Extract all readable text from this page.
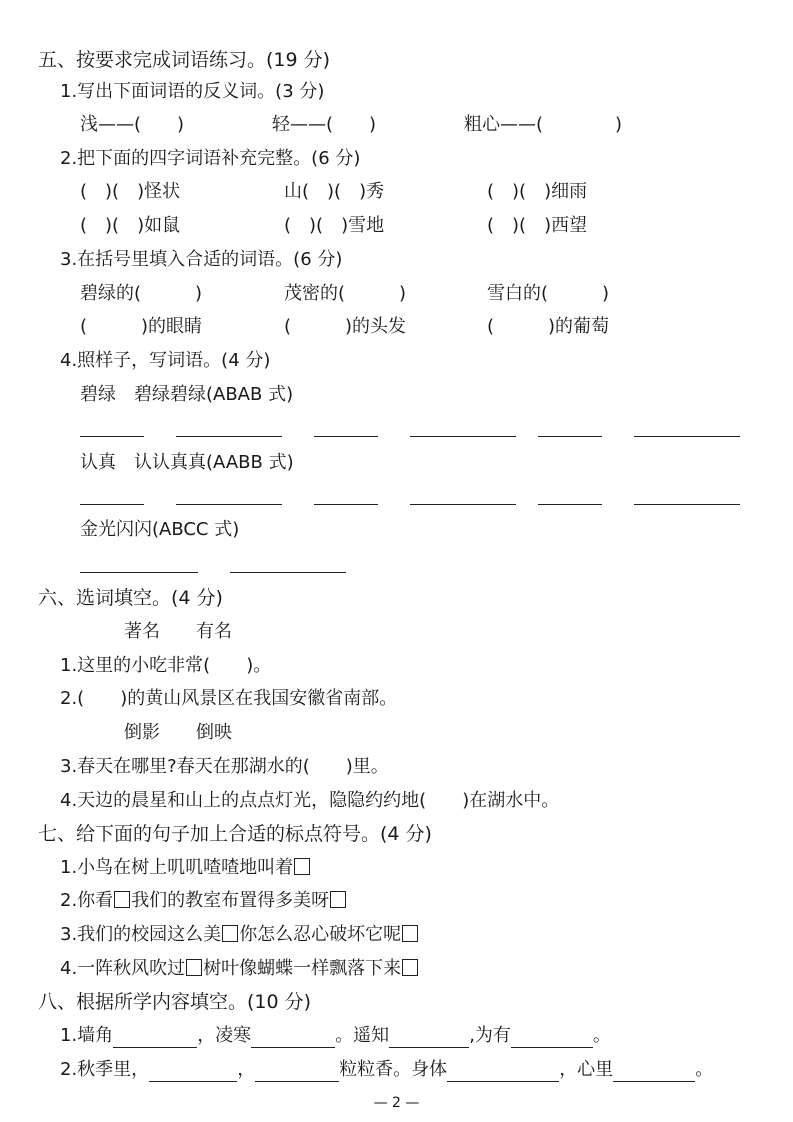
五、按要求完成词语练习。(19 分)
1.写出下面词语的反义词。(3 分)
浅——(　　)	轻——(　　)	粗心——(　　　　)
2.把下面的四字词语补充完整。(6 分)
(　)(　)怪状	山(　)(　)秀	(　)(　)细雨
(　)(　)如鼠	(　)(　)雪地	(　)(　)西望
3.在括号里填入合适的词语。(6 分)
碧绿的(　　　)	茂密的(　　　)	雪白的(　　　)
(　　　)的眼睛	(　　　)的头发	(　　　)的葡萄
4.照样子，写词语。(4 分)
碧绿　碧绿碧绿(ABAB 式)
认真　认认真真(AABB 式)
金光闪闪(ABCC 式)
六、选词填空。(4 分)
著名　　有名
1.这里的小吃非常(　　)。
2.(　　)的黄山风景区在我国安徽省南部。
倒影　　倒映
3.春天在哪里?春天在那湖水的(　　)里。
4.天边的晨星和山上的点点灯光，隐隐约约地(　　)在湖水中。
七、给下面的句子加上合适的标点符号。(4 分)
1.小鸟在树上叽叽喳喳地叫着
2.你看 我们的教室布置得多美呀
3.我们的校园这么美 你怎么忍心破坏它呢
4.一阵秋风吹过 树叶像蝴蝶一样飘落下来
八、根据所学内容填空。(10 分)
1.墙角	，凌寒	。遥知	,为有	。
2.秋季里，	，	粒粒香。身体	，心里	。
— 2 —
